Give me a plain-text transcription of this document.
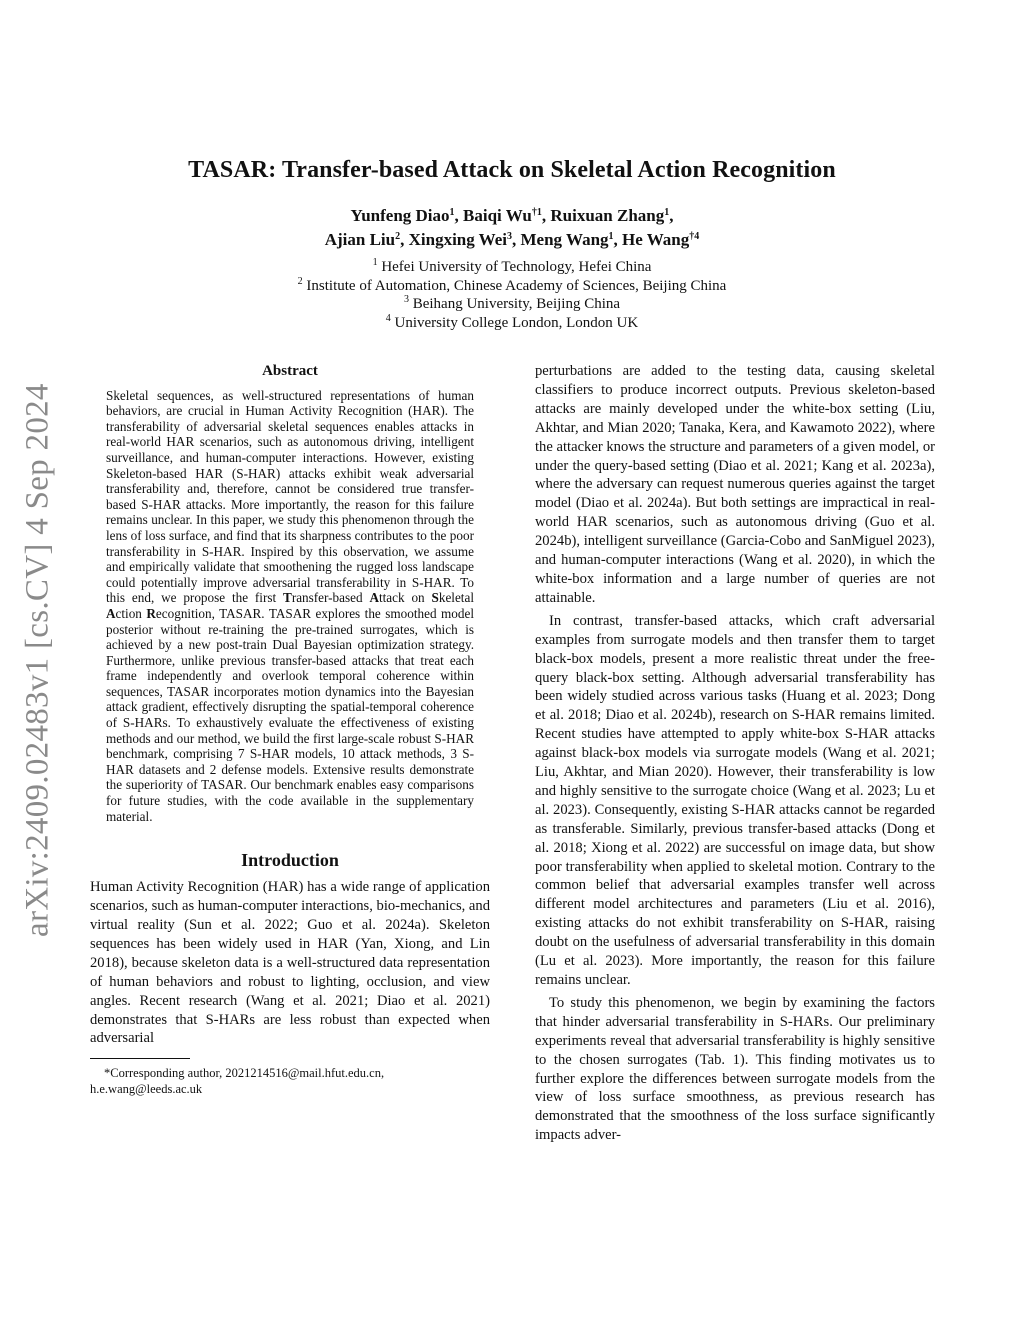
arXiv:2409.02483v1 [cs.CV] 4 Sep 2024
TASAR: Transfer-based Attack on Skeletal Action Recognition
Yunfeng Diao$^1$, Baiqi Wu$^{\dagger 1}$, Ruixuan Zhang$^1$,
Ajian Liu$^2$, Xingxing Wei$^3$, Meng Wang$^1$, He Wang$^{\dagger 4}$
$^1$ Hefei University of Technology, Hefei China
$^2$ Institute of Automation, Chinese Academy of Sciences, Beijing China
$^3$ Beihang University, Beijing China
$^4$ University College London, London UK
Abstract
Skeletal sequences, as well-structured representations of human behaviors, are crucial in Human Activity Recognition (HAR). The transferability of adversarial skeletal sequences enables attacks in real-world HAR scenarios, such as autonomous driving, intelligent surveillance, and human-computer interactions. However, existing Skeleton-based HAR (S-HAR) attacks exhibit weak adversarial transferability and, therefore, cannot be considered true transfer-based S-HAR attacks. More importantly, the reason for this failure remains unclear. In this paper, we study this phenomenon through the lens of loss surface, and find that its sharpness contributes to the poor transferability in S-HAR. Inspired by this observation, we assume and empirically validate that smoothening the rugged loss landscape could potentially improve adversarial transferability in S-HAR. To this end, we propose the first Transfer-based Attack on Skeletal Action Recognition, TASAR. TASAR explores the smoothed model posterior without re-training the pre-trained surrogates, which is achieved by a new post-train Dual Bayesian optimization strategy. Furthermore, unlike previous transfer-based attacks that treat each frame independently and overlook temporal coherence within sequences, TASAR incorporates motion dynamics into the Bayesian attack gradient, effectively disrupting the spatial-temporal coherence of S-HARs. To exhaustively evaluate the effectiveness of existing methods and our method, we build the first large-scale robust S-HAR benchmark, comprising 7 S-HAR models, 10 attack methods, 3 S-HAR datasets and 2 defense models. Extensive results demonstrate the superiority of TASAR. Our benchmark enables easy comparisons for future studies, with the code available in the supplementary material.
Introduction

Human Activity Recognition (HAR) has a wide range of application scenarios, such as human-computer interactions, bio-mechanics, and virtual reality (Sun et al. 2022; Guo et al. 2024a). Skeleton sequences has been widely used in HAR (Yan, Xiong, and Lin 2018), because skeleton data is a well-structured data representation of human behaviors and robust to lighting, occlusion, and view angles. Recent research (Wang et al. 2021; Diao et al. 2021) demonstrates that S-HARs are less robust than expected when adversarial

*Corresponding author, 2021214516@mail.hfut.edu.cn,
h.e.wang@leeds.ac.uk

perturbations are added to the testing data, causing skeletal classifiers to produce incorrect outputs. Previous skeleton-based attacks are mainly developed under the white-box setting (Liu, Akhtar, and Mian 2020; Tanaka, Kera, and Kawamoto 2022), where the attacker knows the structure and parameters of a given model, or under the query-based setting (Diao et al. 2021; Kang et al. 2023a), where the adversary can request numerous queries against the target model (Diao et al. 2024a). But both settings are impractical in real-world HAR scenarios, such as autonomous driving (Guo et al. 2024b), intelligent surveillance (Garcia-Cobo and SanMiguel 2023), and human-computer interactions (Wang et al. 2020), in which the white-box information and a large number of queries are not attainable.

In contrast, transfer-based attacks, which craft adversarial examples from surrogate models and then transfer them to target black-box models, present a more realistic threat under the free-query black-box setting. Although adversarial transferability has been widely studied across various tasks (Huang et al. 2023; Dong et al. 2018; Diao et al. 2024b), research on S-HAR remains limited. Recent studies have attempted to apply white-box S-HAR attacks against black-box models via surrogate models (Wang et al. 2021; Liu, Akhtar, and Mian 2020). However, their transferability is low and highly sensitive to the surrogate choice (Wang et al. 2023; Lu et al. 2023). Consequently, existing S-HAR attacks cannot be regarded as transferable. Similarly, previous transfer-based attacks (Dong et al. 2018; Xiong et al. 2022) are successful on image data, but show poor transferability when applied to skeletal motion. Contrary to the common belief that adversarial examples transfer well across different model architectures and parameters (Liu et al. 2016), existing attacks do not exhibit transferability on S-HAR, raising doubt on the usefulness of adversarial transferability in this domain (Lu et al. 2023). More importantly, the reason for this failure remains unclear.

To study this phenomenon, we begin by examining the factors that hinder adversarial transferability in S-HARs. Our preliminary experiments reveal that adversarial transferability is highly sensitive to the chosen surrogates (Tab. 1). This finding motivates us to further explore the differences between surrogate models from the view of loss surface smoothness, as previous research has demonstrated that the smoothness of the loss surface significantly impacts adver-
